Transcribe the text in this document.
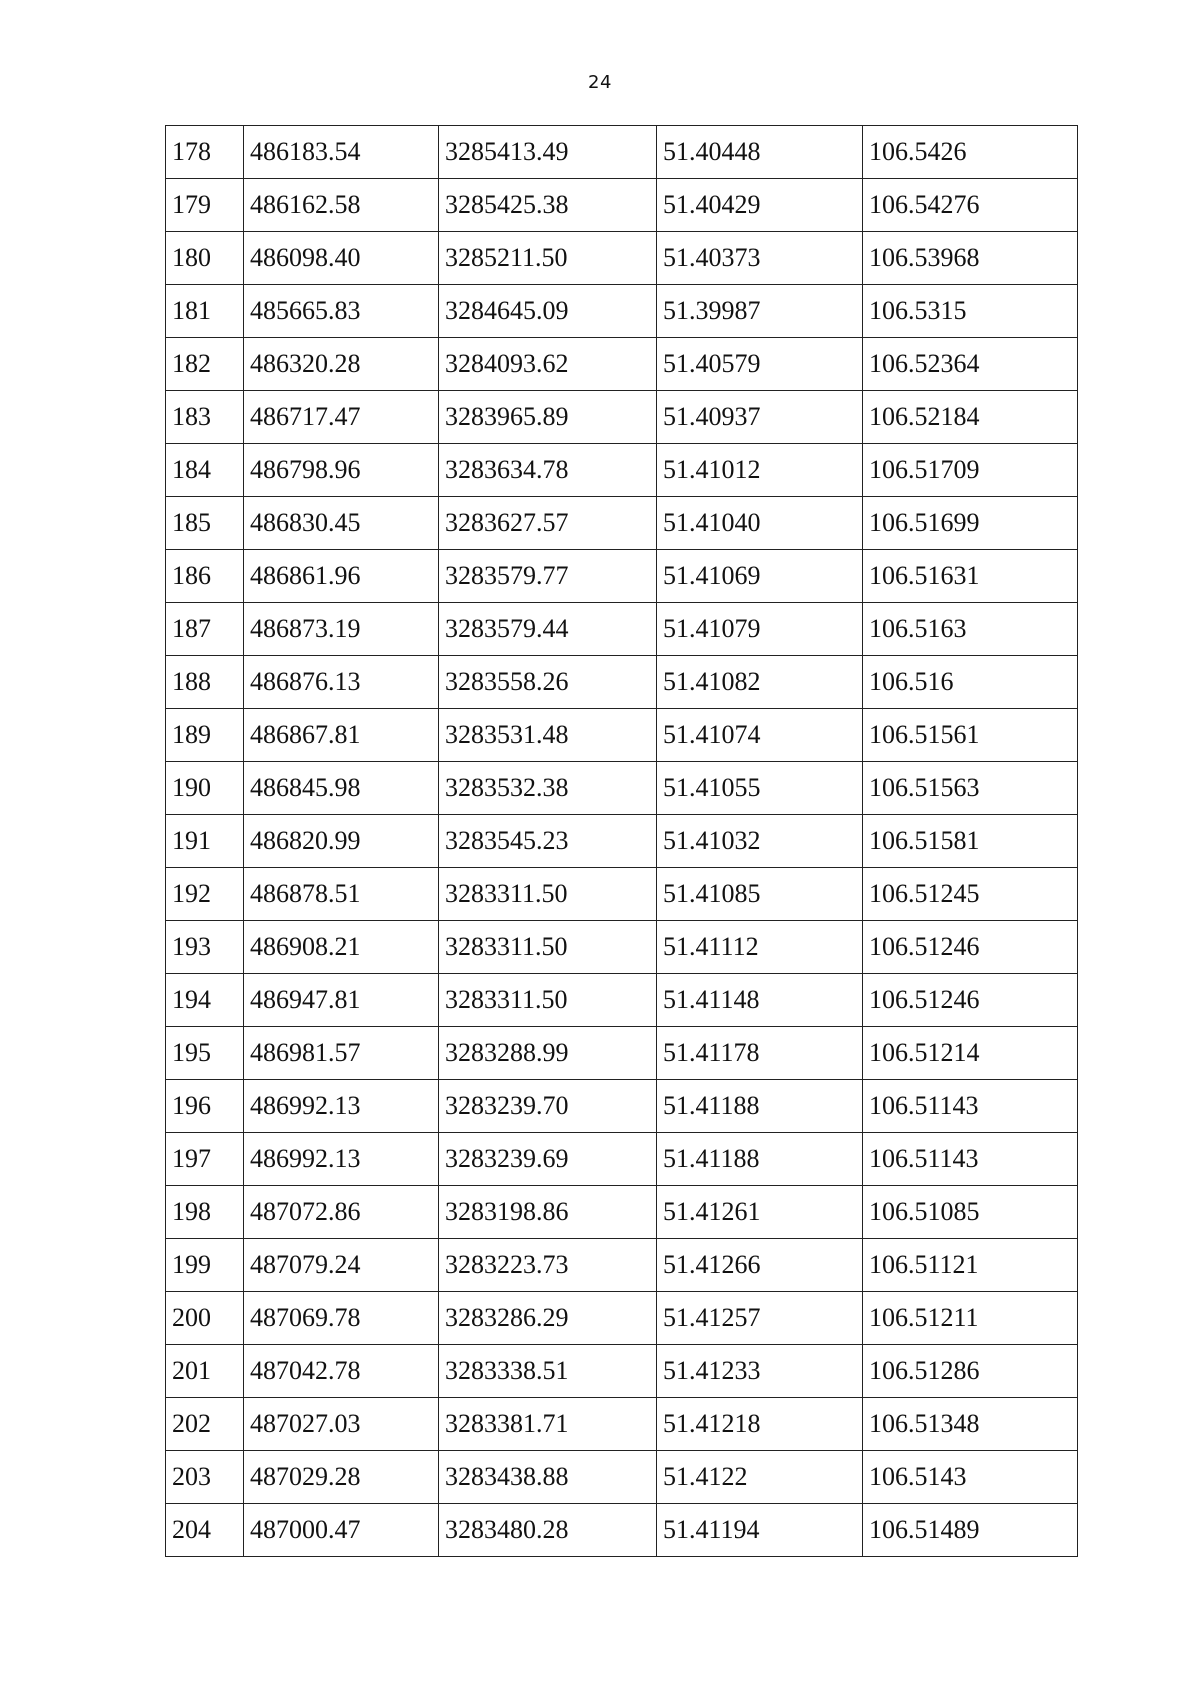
24
178	486183.54	3285413.49	51.40448	106.5426
179	486162.58	3285425.38	51.40429	106.54276
180	486098.40	3285211.50	51.40373	106.53968
181	485665.83	3284645.09	51.39987	106.5315
182	486320.28	3284093.62	51.40579	106.52364
183	486717.47	3283965.89	51.40937	106.52184
184	486798.96	3283634.78	51.41012	106.51709
185	486830.45	3283627.57	51.41040	106.51699
186	486861.96	3283579.77	51.41069	106.51631
187	486873.19	3283579.44	51.41079	106.5163
188	486876.13	3283558.26	51.41082	106.516
189	486867.81	3283531.48	51.41074	106.51561
190	486845.98	3283532.38	51.41055	106.51563
191	486820.99	3283545.23	51.41032	106.51581
192	486878.51	3283311.50	51.41085	106.51245
193	486908.21	3283311.50	51.41112	106.51246
194	486947.81	3283311.50	51.41148	106.51246
195	486981.57	3283288.99	51.41178	106.51214
196	486992.13	3283239.70	51.41188	106.51143
197	486992.13	3283239.69	51.41188	106.51143
198	487072.86	3283198.86	51.41261	106.51085
199	487079.24	3283223.73	51.41266	106.51121
200	487069.78	3283286.29	51.41257	106.51211
201	487042.78	3283338.51	51.41233	106.51286
202	487027.03	3283381.71	51.41218	106.51348
203	487029.28	3283438.88	51.4122	106.5143
204	487000.47	3283480.28	51.41194	106.51489
